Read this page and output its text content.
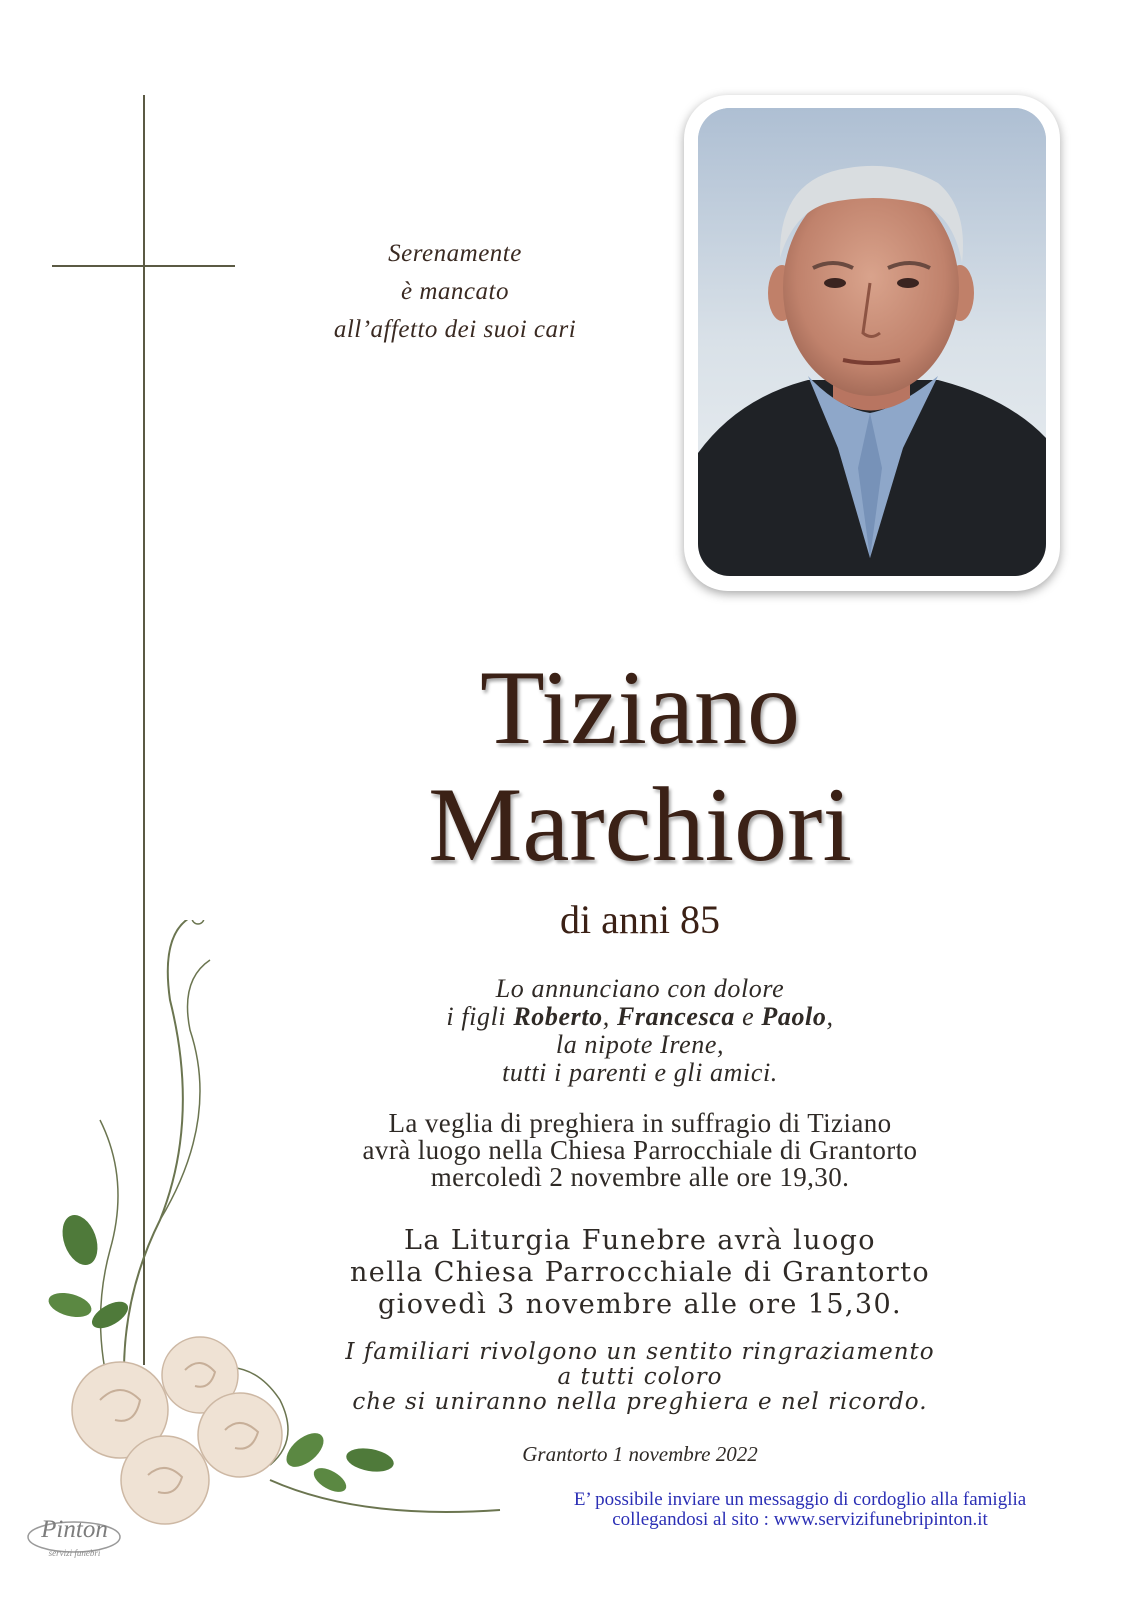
Serenamente
è mancato
all’affetto dei suoi cari
Tiziano
Marchiori
di anni 85
Lo annunciano con dolore
i figli Roberto, Francesca e Paolo,
la nipote Irene,
tutti i parenti e gli amici.
La veglia di preghiera in suffragio di Tiziano
avrà luogo nella Chiesa Parrocchiale di Grantorto
mercoledì 2 novembre alle ore 19,30.
La Liturgia Funebre avrà luogo
nella Chiesa Parrocchiale di Grantorto
giovedì 3 novembre alle ore 15,30.
I familiari rivolgono un sentito ringraziamento
a tutti coloro
che si uniranno nella preghiera e nel ricordo.
Grantorto 1 novembre 2022
E’ possibile inviare un messaggio di cordoglio alla famiglia
collegandosi al sito : www.servizifunebripinton.it
Pinton
servizi funebri
